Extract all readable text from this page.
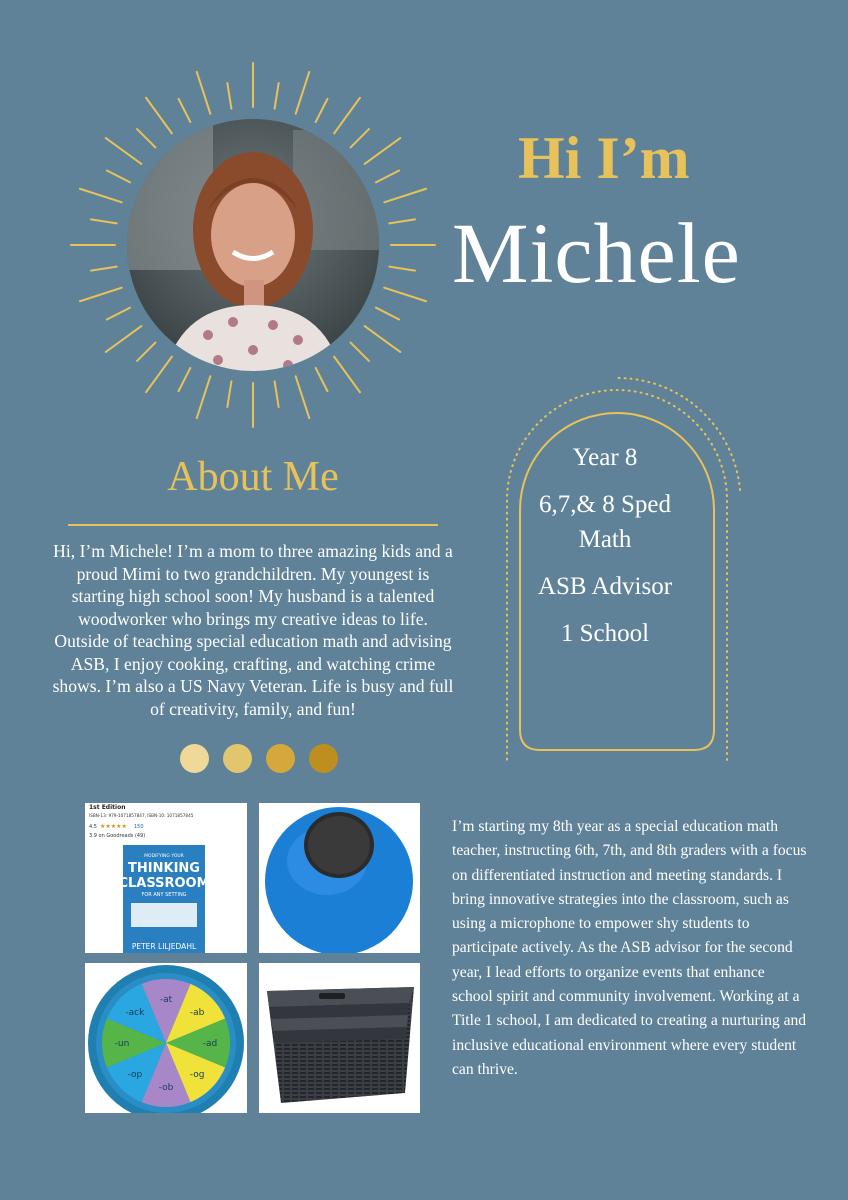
Hi I’m
Michele
About Me
Hi, I’m Michele! I’m a mom to three amazing kids and a proud Mimi to two grandchildren. My youngest is starting high school soon! My husband is a talented woodworker who brings my creative ideas to life. Outside of teaching special education math and advising ASB, I enjoy cooking, crafting, and watching crime shows. I’m also a US Navy Veteran. Life is busy and full of creativity, family, and fun!
Year 8
6,7,& 8 Sped
Math
ASB Advisor
1 School
1st Edition
ISBN-13: 979-1071857847, ISBN-10: 1071857845
4.5 ★★★★★ 150
3.9 on Goodreads (49)
MODIFYING YOUR
THINKING
CLASSROOM
FOR ANY SETTING
PETER LILJEDAHL
-at
-ab
-ad
-og
-ob
-op
-un
-ack
I’m starting my 8th year as a special education math teacher, instructing 6th, 7th, and 8th graders with a focus on differentiated instruction and meeting standards. I bring innovative strategies into the classroom, such as using a microphone to empower shy students to participate actively. As the ASB advisor for the second year, I lead efforts to organize events that enhance school spirit and community involvement. Working at a Title 1 school, I am dedicated to creating a nurturing and inclusive educational environment where every student can thrive.
